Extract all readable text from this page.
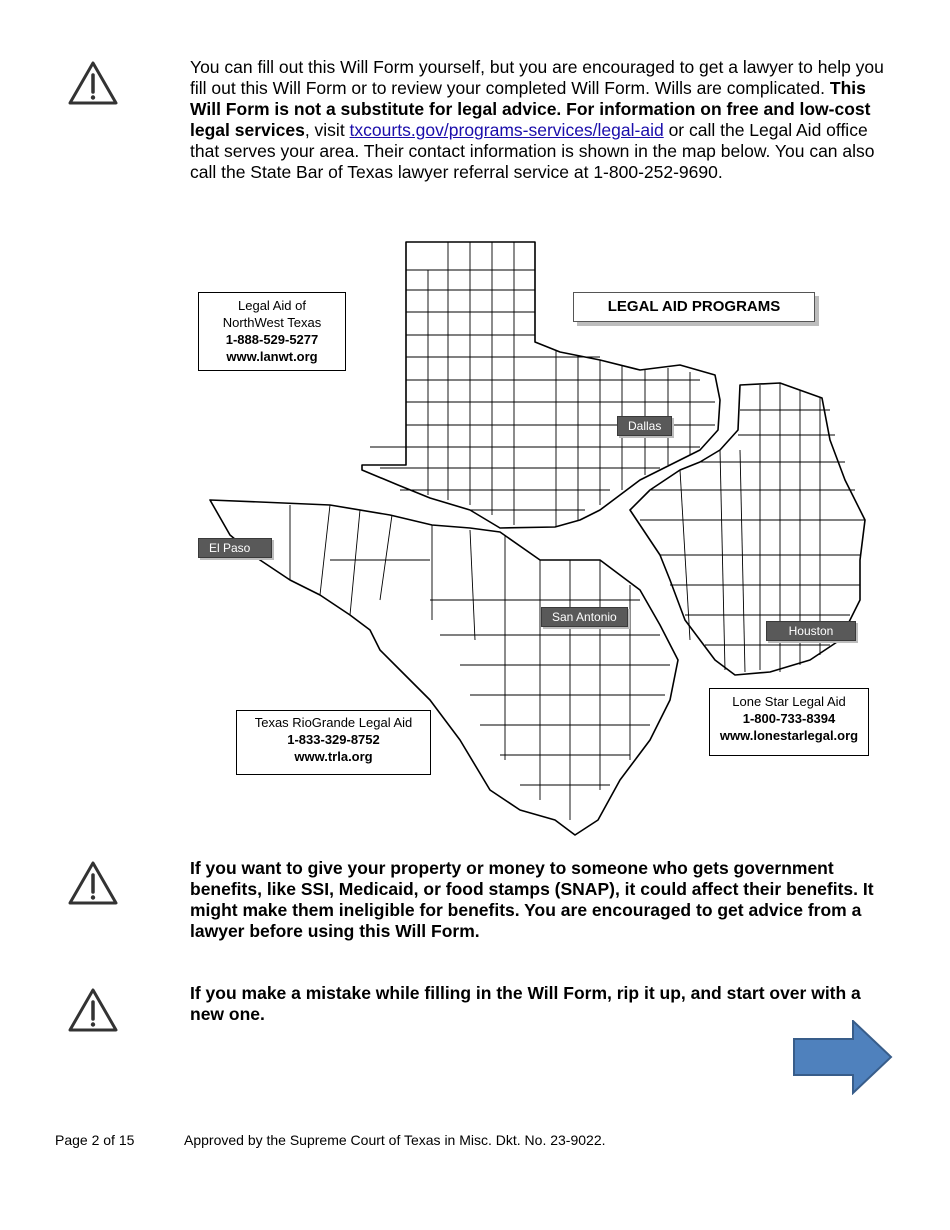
You can fill out this Will Form yourself, but you are encouraged to get a lawyer to help you fill out this Will Form or to review your completed Will Form. Wills are complicated. This Will Form is not a substitute for legal advice. For information on free and low-cost legal services, visit txcourts.gov/programs-services/legal-aid or call the Legal Aid office that serves your area. Their contact information is shown in the map below. You can also call the State Bar of Texas lawyer referral service at 1-800-252-9690.
LEGAL AID PROGRAMS
Legal Aid of
NorthWest Texas
1-888-529-5277
www.lanwt.org
Texas RioGrande Legal Aid
1-833-329-8752
www.trla.org
Lone Star Legal Aid
1-800-733-8394
www.lonestarlegal.org
Dallas
El Paso
San Antonio
Houston
If you want to give your property or money to someone who gets government benefits, like SSI, Medicaid, or food stamps (SNAP), it could affect their benefits. It might make them ineligible for benefits. You are encouraged to get advice from a lawyer before using this Will Form.
If you make a mistake while filling in the Will Form, rip it up, and start over with a new one.
Page 2 of 15	Approved by the Supreme Court of Texas in Misc. Dkt. No. 23-9022.
